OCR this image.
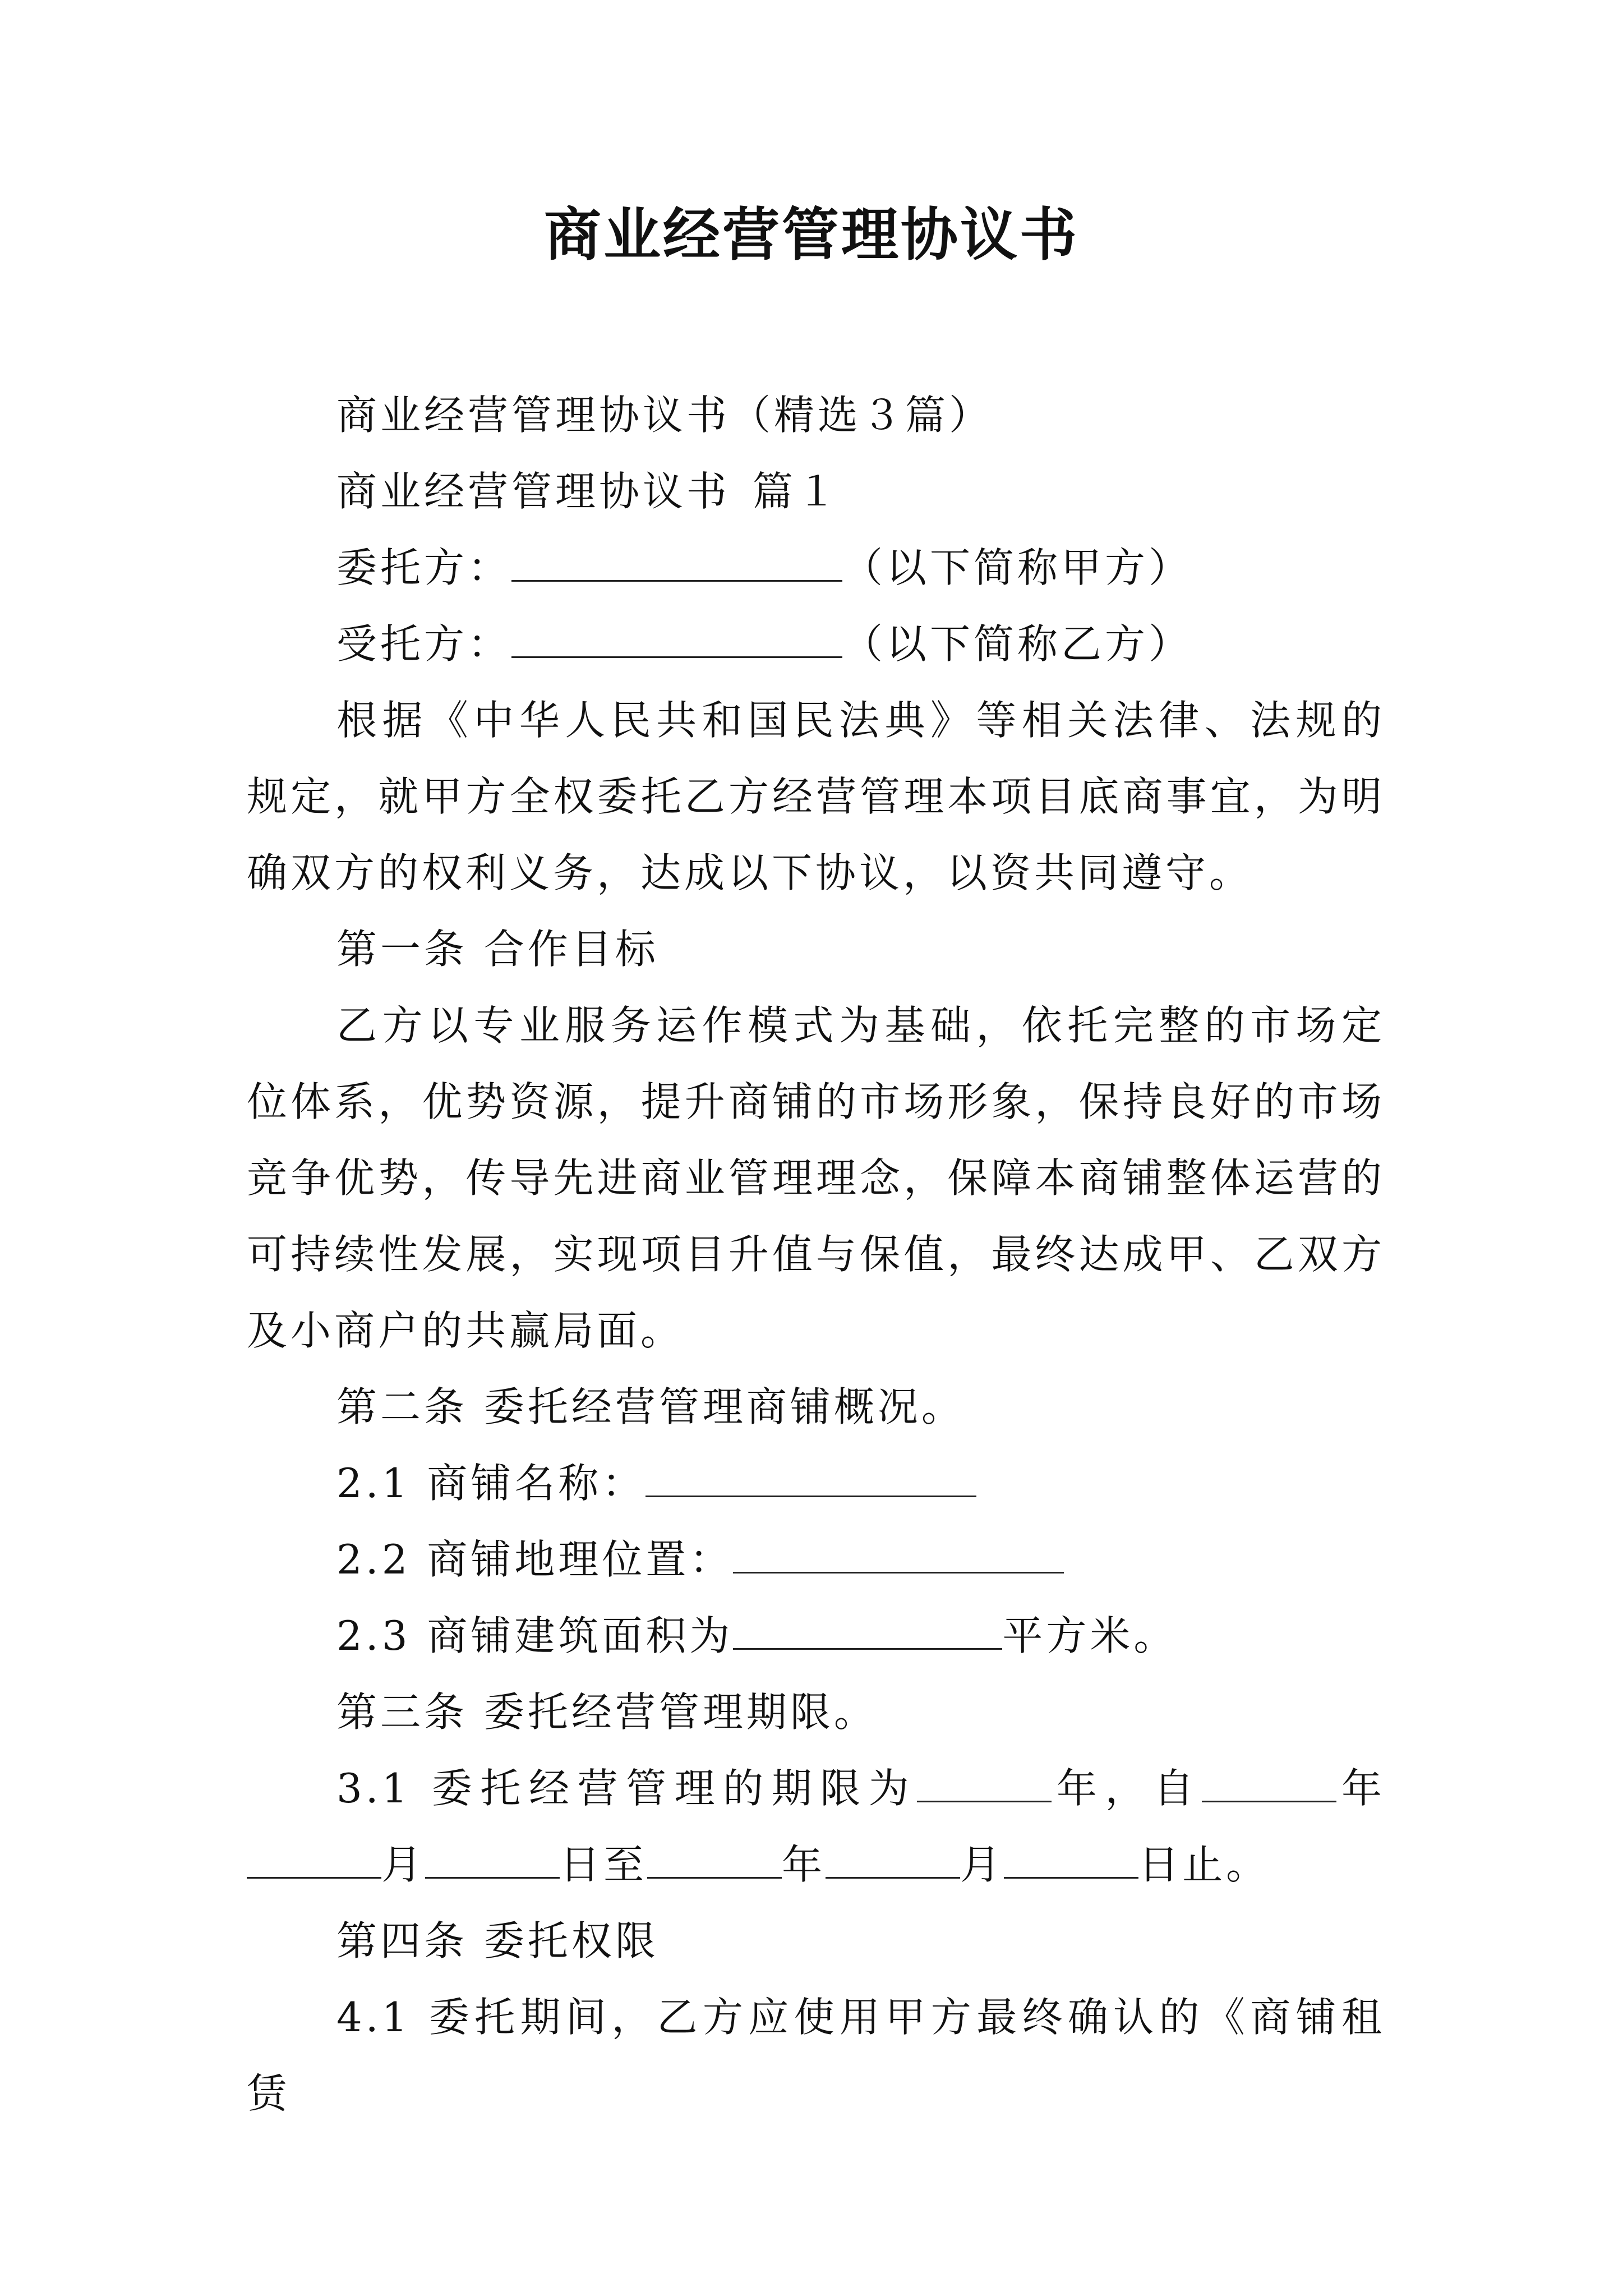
商业经营管理协议书

商业经营管理协议书（精选３篇）

商业经营管理协议书 篇１

委托方：	（以下简称甲方）

受托方：	（以下简称乙方）

根据《中华人民共和国民法典》等相关法律、法规的规定，就甲方全权委托乙方经营管理本项目底商事宜，为明确双方的权利义务，达成以下协议，以资共同遵守。

第一条 合作目标

乙方以专业服务运作模式为基础，依托完整的市场定位体系，优势资源，提升商铺的市场形象，保持良好的市场竞争优势，传导先进商业管理理念，保障本商铺整体运营的可持续性发展，实现项目升值与保值，最终达成甲、乙双方及小商户的共赢局面。

第二条 委托经营管理商铺概况。

2.1 商铺名称：

2.2 商铺地理位置：

2.3 商铺建筑面积为	平方米。

第三条 委托经营管理期限。

3.1 委托经营管理的期限为	年，自	年月	日至	年	月	日止。

第四条 委托权限

4.1 委托期间，乙方应使用甲方最终确认的《商铺租赁
